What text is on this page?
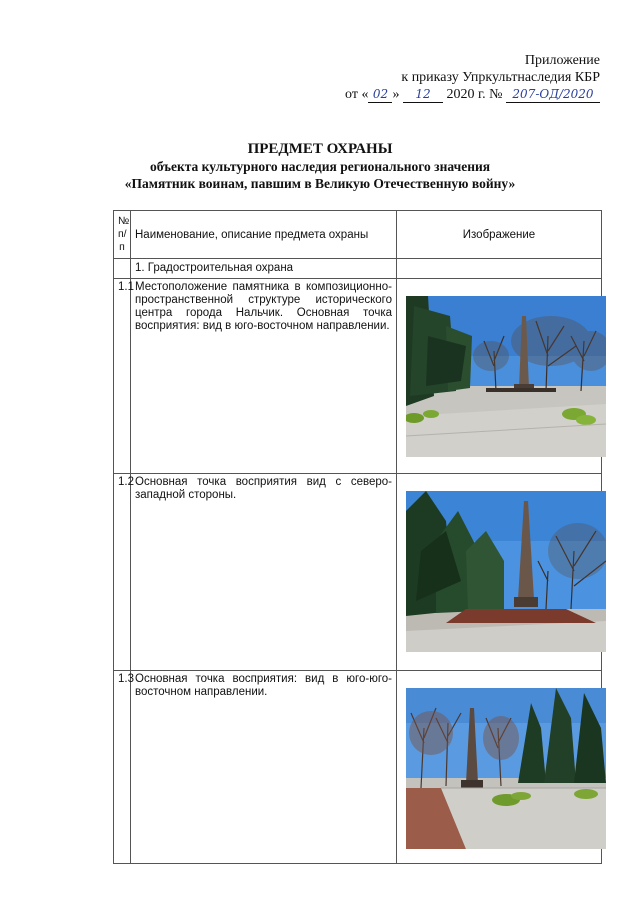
Приложение
к приказу Упркультнаследия КБР
от « 02 » 12 2020 г. № 207-ОД/2020
ПРЕДМЕТ ОХРАНЫ
объекта культурного наследия регионального значения
«Памятник воинам, павшим в Великую Отечественную войну»
№ п/п	Наименование, описание предмета охраны	Изображение
	1. Градостроительная охрана	
1.1	Местоположение памятника в композиционно-пространственной структуре исторического центра города Нальчик. Основная точка восприятия: вид в юго-восточном направлении.	

1.2	Основная точка восприятия вид с северо-западной стороны.	

1.3	Основная точка восприятия: вид в юго-юго-восточном направлении.	
